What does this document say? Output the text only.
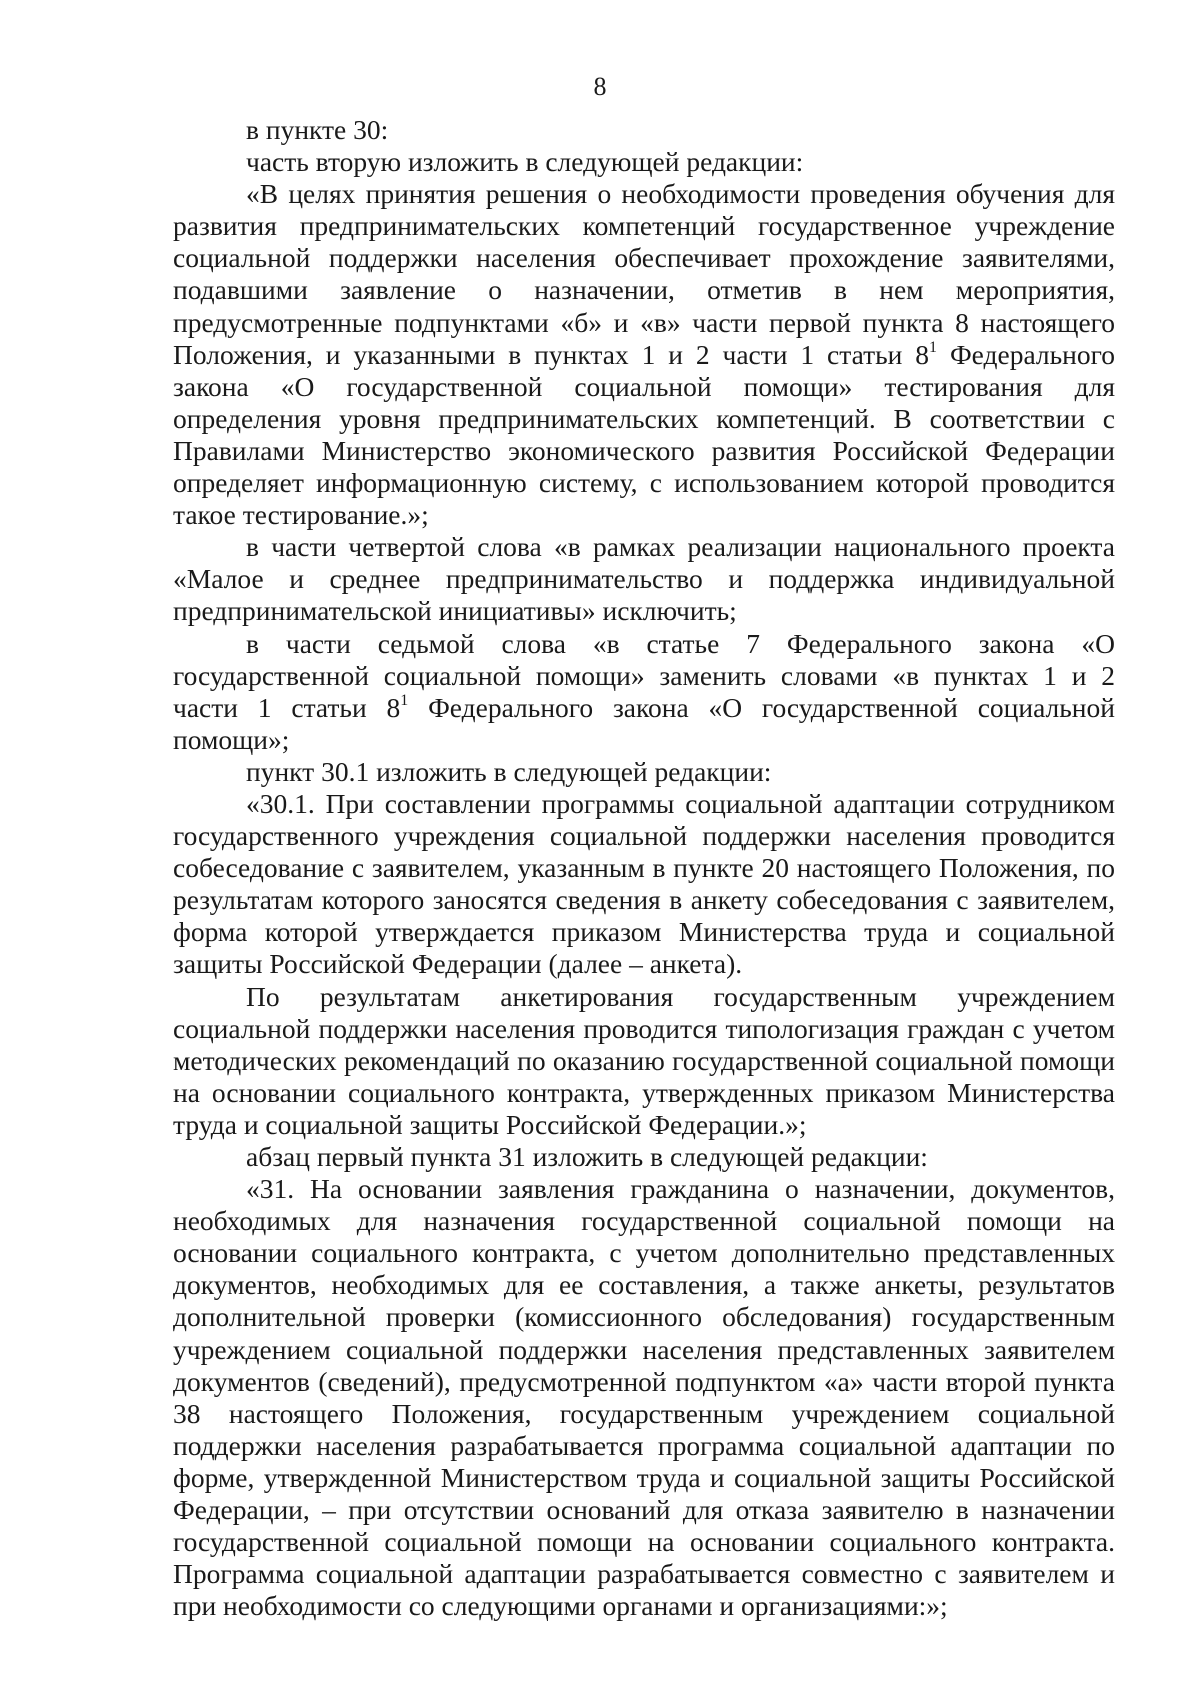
8

в пункте 30:

часть вторую изложить в следующей редакции:

«В целях принятия решения о необходимости проведения обучения для развития предпринимательских компетенций государственное учреждение социальной поддержки населения обеспечивает прохождение заявителями, подавшими заявление о назначении, отметив в нем мероприятия, предусмотренные подпунктами «б» и «в» части первой пункта 8 настоящего Положения, и указанными в пунктах 1 и 2 части 1 статьи $8^1$ Федерального закона «О государственной социальной помощи» тестирования для определения уровня предпринимательских компетенций. В соответствии с Правилами Министерство экономического развития Российской Федерации определяет информационную систему, с использованием которой проводится такое тестирование.»;

в части четвертой слова «в рамках реализации национального проекта «Малое и среднее предпринимательство и поддержка индивидуальной предпринимательской инициативы» исключить;

в части седьмой слова «в статье 7 Федерального закона «О государственной социальной помощи» заменить словами «в пунктах 1 и 2 части 1 статьи $8^1$ Федерального закона «О государственной социальной помощи»;

пункт 30.1 изложить в следующей редакции:

«30.1. При составлении программы социальной адаптации сотрудником государственного учреждения социальной поддержки населения проводится собеседование с заявителем, указанным в пункте 20 настоящего Положения, по результатам которого заносятся сведения в анкету собеседования с заявителем, форма которой утверждается приказом Министерства труда и социальной защиты Российской Федерации (далее – анкета).

По результатам анкетирования государственным учреждением социальной поддержки населения проводится типологизация граждан с учетом методических рекомендаций по оказанию государственной социальной помощи на основании социального контракта, утвержденных приказом Министерства труда и социальной защиты Российской Федерации.»;

абзац первый пункта 31 изложить в следующей редакции:

«31. На основании заявления гражданина о назначении, документов, необходимых для назначения государственной социальной помощи на основании социального контракта, с учетом дополнительно представленных документов, необходимых для ее составления, а также анкеты, результатов дополнительной проверки (комиссионного обследования) государственным учреждением социальной поддержки населения представленных заявителем документов (сведений), предусмотренной подпунктом «а» части второй пункта 38 настоящего Положения, государственным учреждением социальной поддержки населения разрабатывается программа социальной адаптации по форме, утвержденной Министерством труда и социальной защиты Российской Федерации, – при отсутствии оснований для отказа заявителю в назначении государственной социальной помощи на основании социального контракта. Программа социальной адаптации разрабатывается совместно с заявителем и при необходимости со следующими органами и организациями:»;
